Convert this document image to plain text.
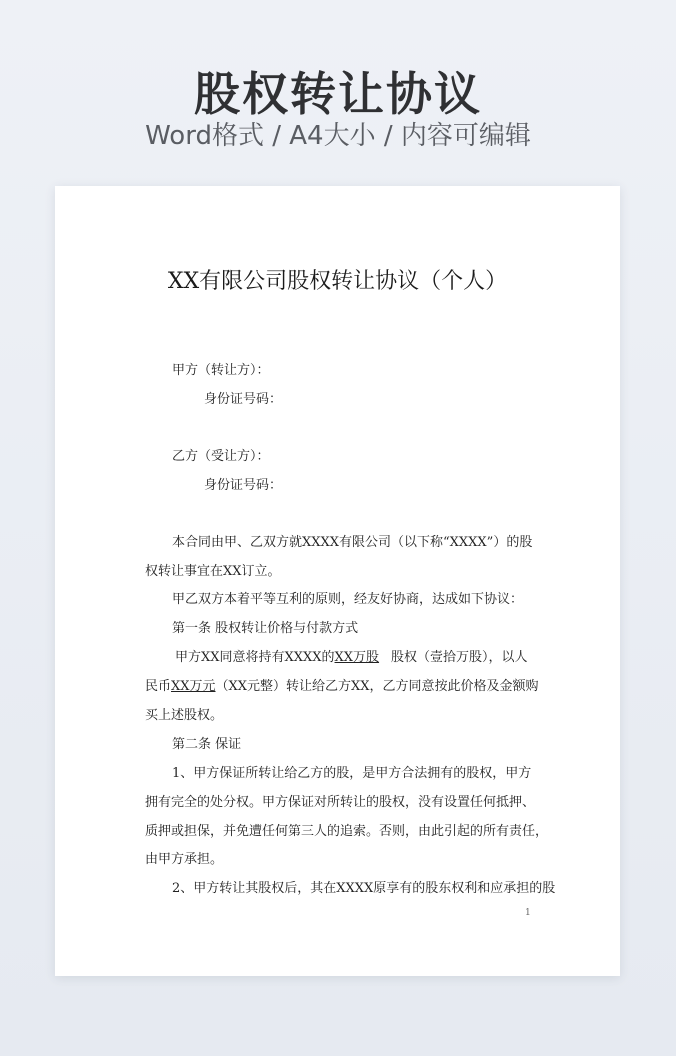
股权转让协议
Word格式 / A4大小 / 内容可编辑
XX有限公司股权转让协议（个人）
甲方（转让方）：
身份证号码：
乙方（受让方）：
身份证号码：
本合同由甲、乙双方就XXXX有限公司（以下称“XXXX”）的股
权转让事宜在XX订立。
甲乙双方本着平等互利的原则，经友好协商，达成如下协议：
第一条 股权转让价格与付款方式
甲方XX同意将持有XXXX的XX万股 股权（壹拾万股），以人
民币XX万元（XX元整）转让给乙方XX，乙方同意按此价格及金额购
买上述股权。
第二条 保证
1、甲方保证所转让给乙方的股，是甲方合法拥有的股权，甲方
拥有完全的处分权。甲方保证对所转让的股权，没有设置任何抵押、
质押或担保，并免遭任何第三人的追索。否则，由此引起的所有责任，
由甲方承担。
2、甲方转让其股权后，其在XXXX原享有的股东权利和应承担的股
1
